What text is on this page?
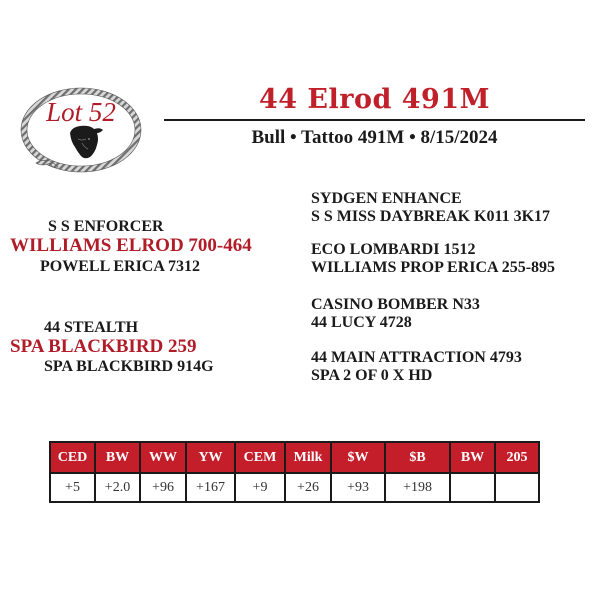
Lot 52	44 Elrod 491M
Bull • Tattoo 491M • 8/15/2024
S S ENFORCER
WILLIAMS ELROD 700-464
POWELL ERICA 7312
44 STEALTH
SPA BLACKBIRD 259
SPA BLACKBIRD 914G
SYDGEN ENHANCE
S S MISS DAYBREAK K011 3K17
ECO LOMBARDI 1512
WILLIAMS PROP ERICA 255-895
CASINO BOMBER N33
44 LUCY 4728
44 MAIN ATTRACTION 4793
SPA 2 OF 0 X HD
CED	BW	WW	YW	CEM	Milk	$W	$B	BW	205
+5	+2.0	+96	+167	+9	+26	+93	+198		
